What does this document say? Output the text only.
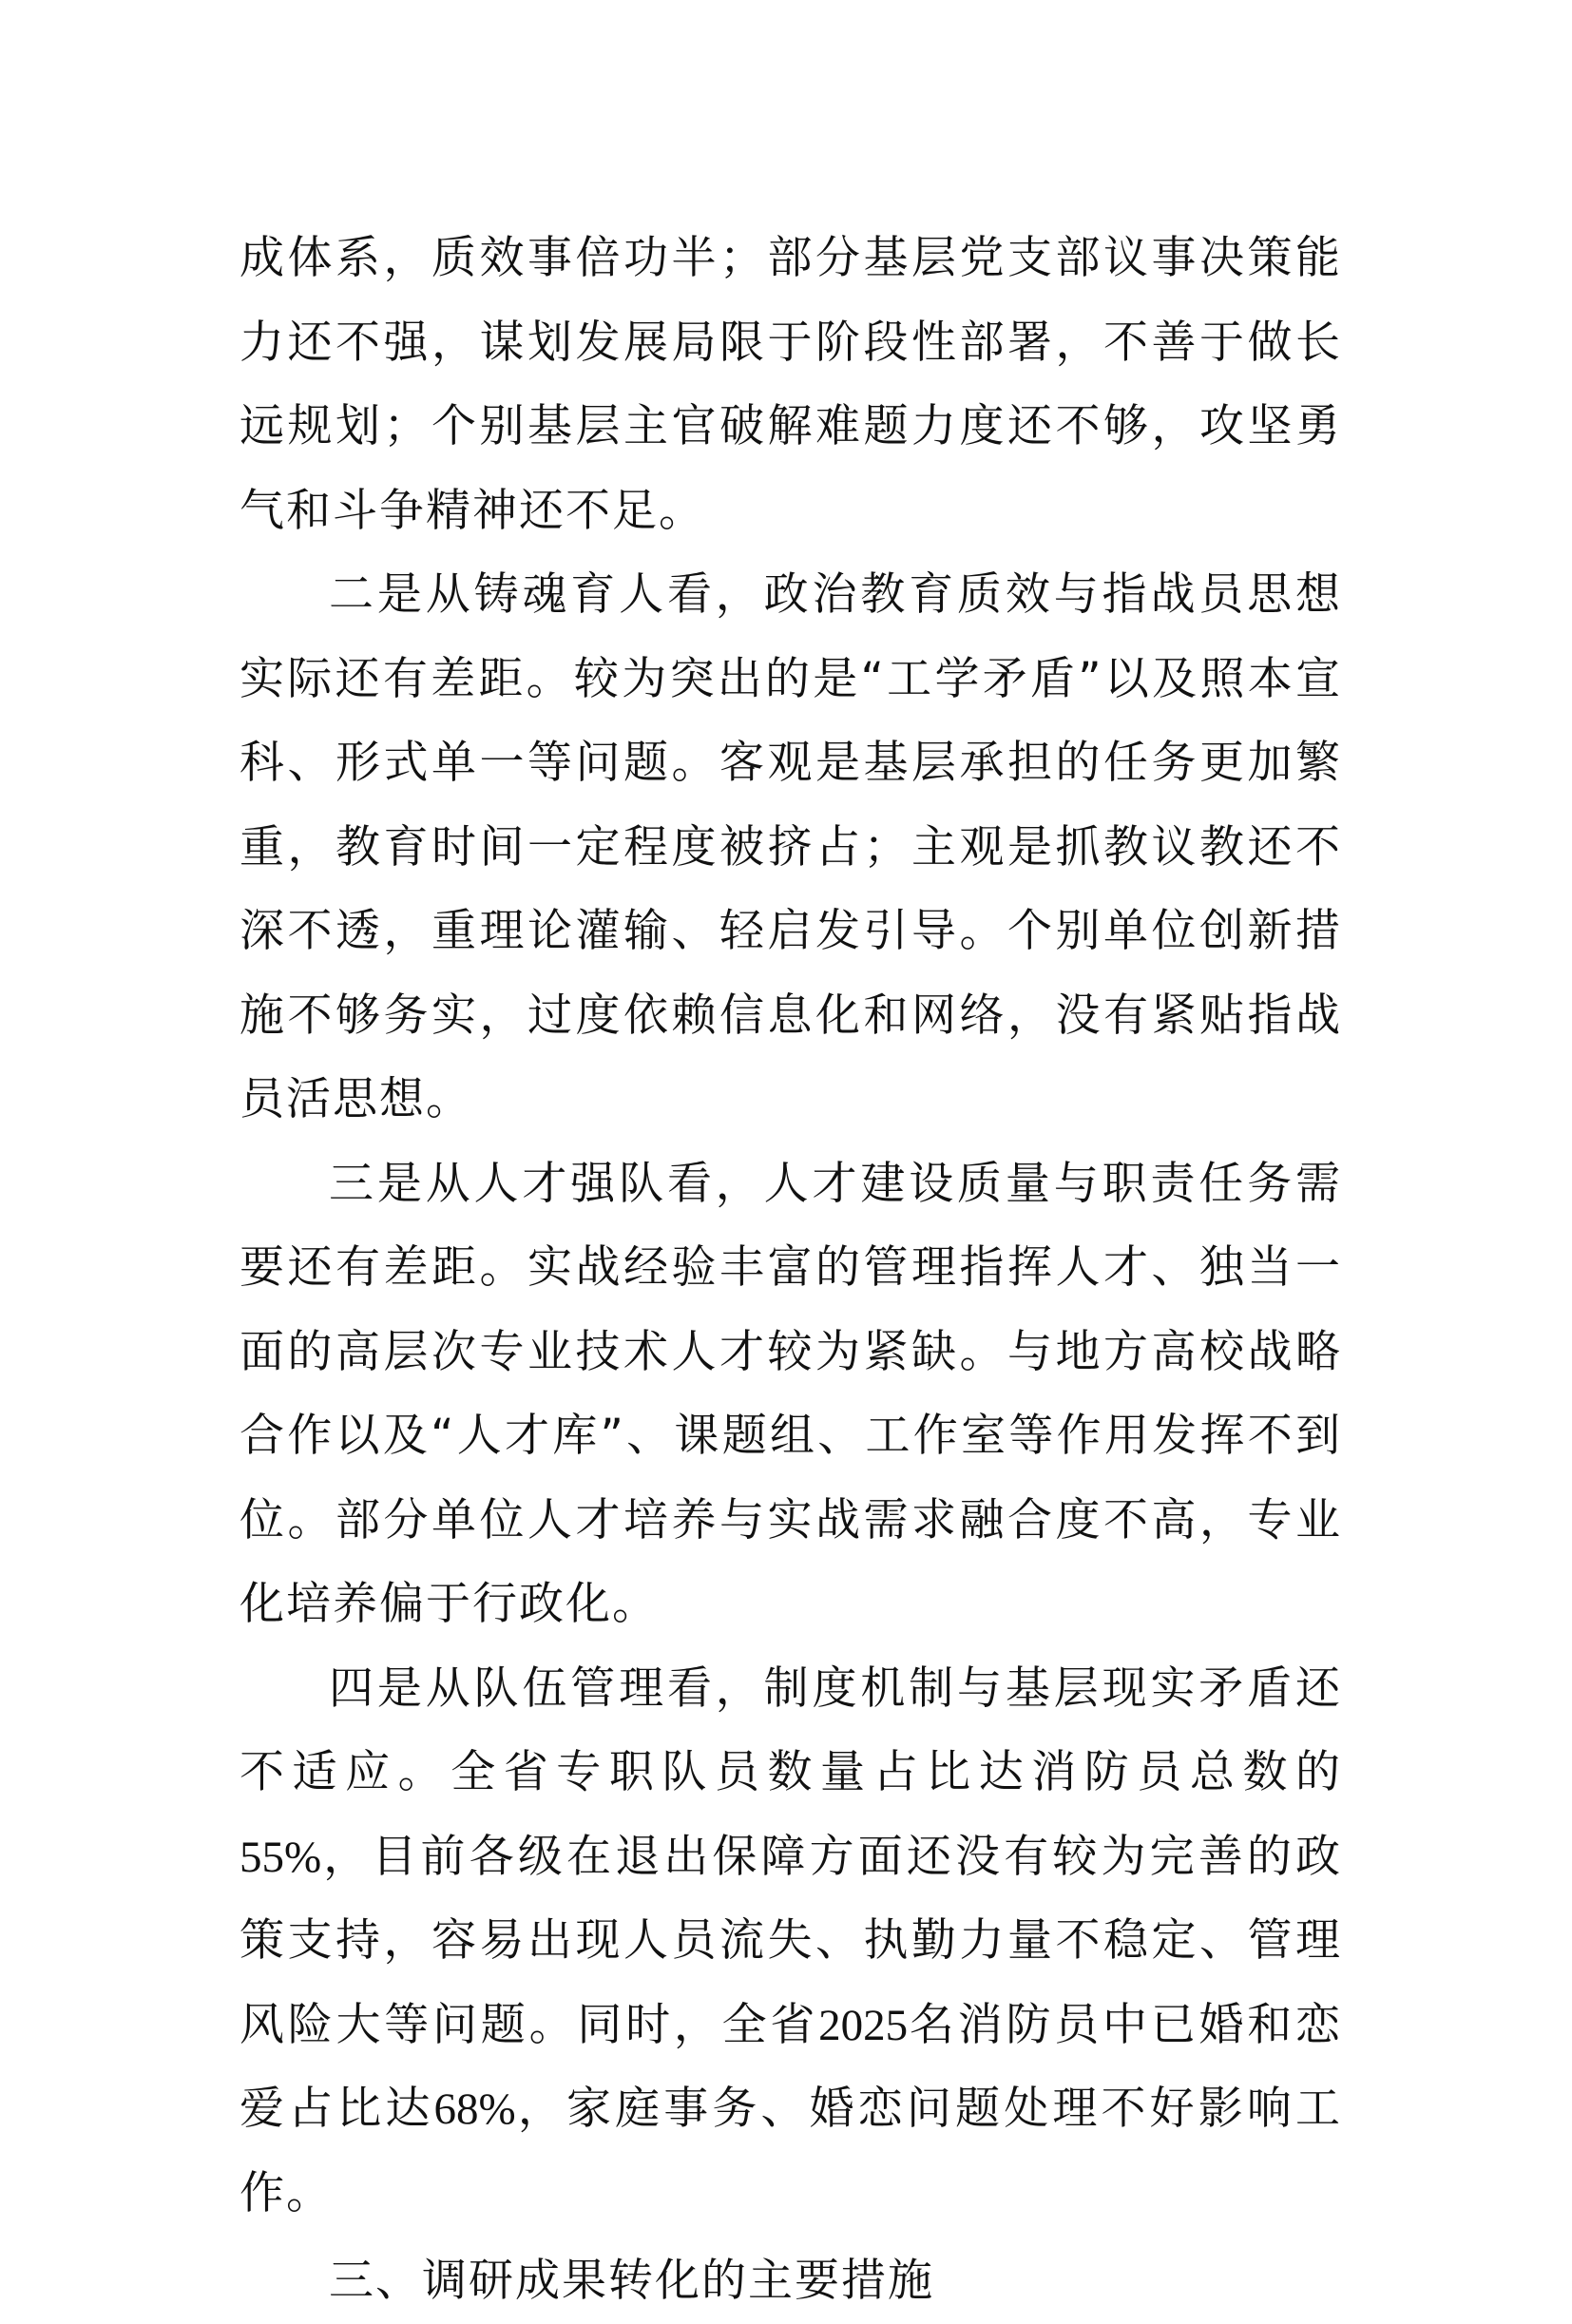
成体系，质效事倍功半；部分基层党支部议事决策能力还不强，谋划发展局限于阶段性部署，不善于做长远规划；个别基层主官破解难题力度还不够，攻坚勇气和斗争精神还不足。

二是从铸魂育人看，政治教育质效与指战员思想实际还有差距。较为突出的是“工学矛盾”以及照本宣科、形式单一等问题。客观是基层承担的任务更加繁重，教育时间一定程度被挤占；主观是抓教议教还不深不透，重理论灌输、轻启发引导。个别单位创新措施不够务实，过度依赖信息化和网络，没有紧贴指战员活思想。

三是从人才强队看，人才建设质量与职责任务需要还有差距。实战经验丰富的管理指挥人才、独当一面的高层次专业技术人才较为紧缺。与地方高校战略合作以及“人才库”、课题组、工作室等作用发挥不到位。部分单位人才培养与实战需求融合度不高，专业化培养偏于行政化。

四是从队伍管理看，制度机制与基层现实矛盾还不适应。全省专职队员数量占比达消防员总数的55%，目前各级在退出保障方面还没有较为完善的政策支持，容易出现人员流失、执勤力量不稳定、管理风险大等问题。同时，全省2025名消防员中已婚和恋爱占比达68%，家庭事务、婚恋问题处理不好影响工作。

三、调研成果转化的主要措施
